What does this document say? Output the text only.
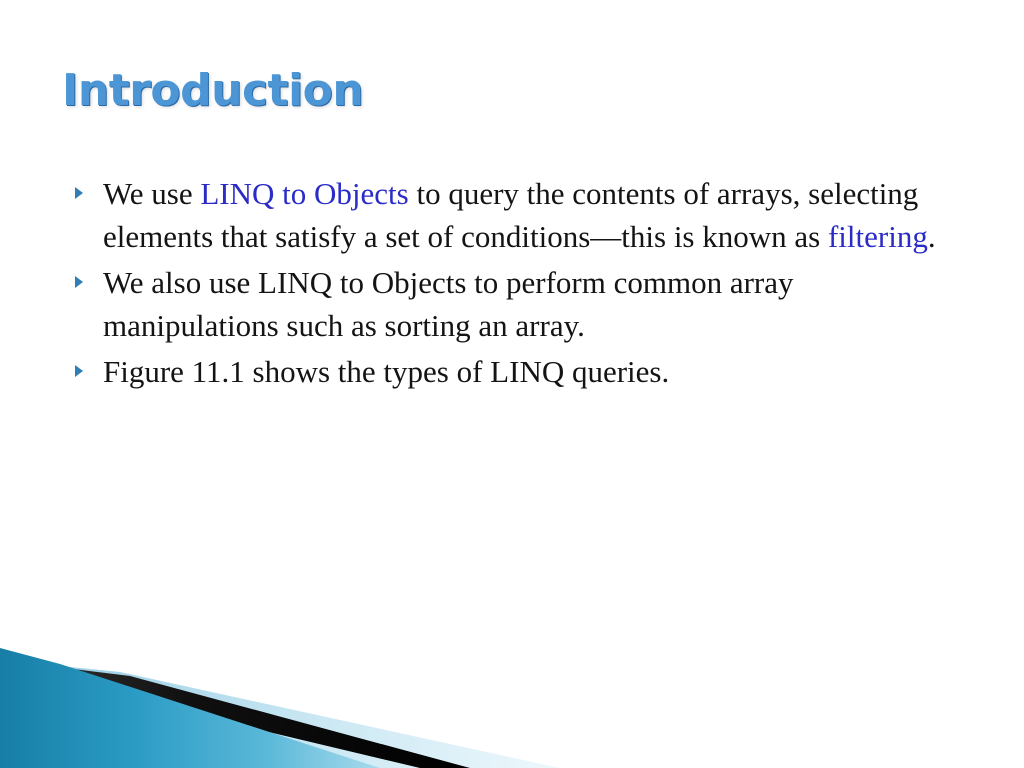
Introduction
We use LINQ to Objects to query the contents of arrays, selecting elements that satisfy a set of conditions—this is known as filtering.
We also use LINQ to Objects to perform common array manipulations such as sorting an array.
Figure 11.1 shows the types of LINQ queries.
